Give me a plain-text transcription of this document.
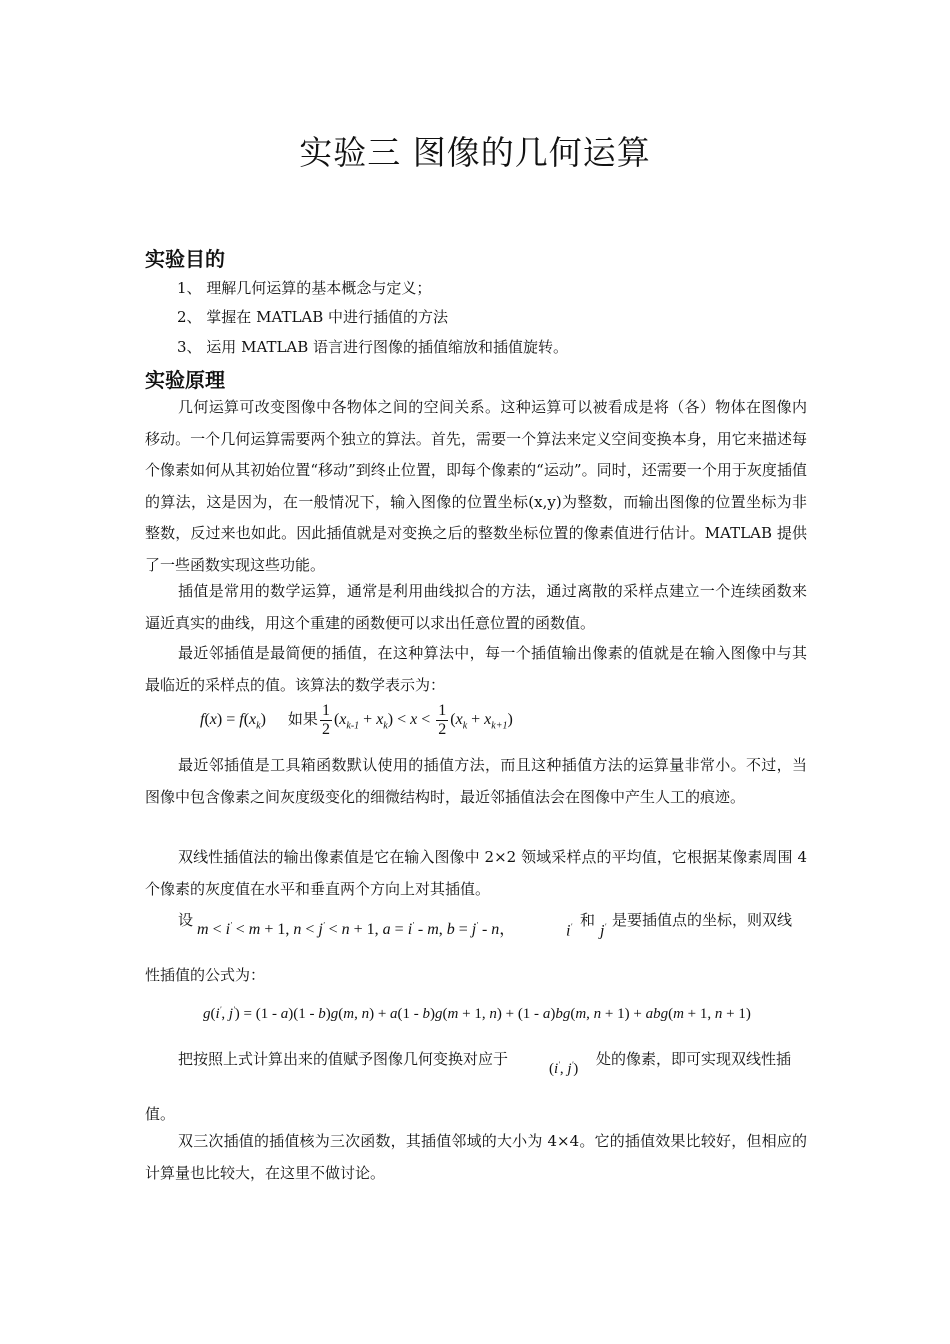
实验三 图像的几何运算
实验目的
1、 理解几何运算的基本概念与定义；
2、 掌握在 MATLAB 中进行插值的方法
3、 运用 MATLAB 语言进行图像的插值缩放和插值旋转。
实验原理
几何运算可改变图像中各物体之间的空间关系。这种运算可以被看成是将（各）物体在图像内移动。一个几何运算需要两个独立的算法。首先，需要一个算法来定义空间变换本身，用它来描述每个像素如何从其初始位置“移动”到终止位置，即每个像素的“运动”。同时，还需要一个用于灰度插值的算法，这是因为，在一般情况下，输入图像的位置坐标(x,y)为整数，而输出图像的位置坐标为非整数，反过来也如此。因此插值就是对变换之后的整数坐标位置的像素值进行估计。MATLAB 提供了一些函数实现这些功能。
插值是常用的数学运算，通常是利用曲线拟合的方法，通过离散的采样点建立一个连续函数来逼近真实的曲线，用这个重建的函数便可以求出任意位置的函数值。
最近邻插值是最简便的插值，在这种算法中，每一个插值输出像素的值就是在输入图像中与其最临近的采样点的值。该算法的数学表示为：
$f(x) = f(x_k)$ 如果 $\frac{1}{2} (x_{k-1} + x_k) < x < \frac{1}{2} (x_k + x_{k+1})$
最近邻插值是工具箱函数默认使用的插值方法，而且这种插值方法的运算量非常小。不过，当图像中包含像素之间灰度级变化的细微结构时，最近邻插值法会在图像中产生人工的痕迹。
双线性插值法的输出像素值是它在输入图像中 2×2 领域采样点的平均值，它根据某像素周围 4 个像素的灰度值在水平和垂直两个方向上对其插值。
设
m < i' < m + 1, n < j' < n + 1, a = i' - m, b = j' - n，	i' 和
j' 是要插值点的坐标，则双线
性插值的公式为：
g(i', j') = (1 - a)(1 - b)g(m, n) + a(1 - b)g(m + 1, n) + (1 - a)bg(m, n + 1) + abg(m + 1, n + 1)
把按照上式计算出来的值赋予图像几何变换对应于
(i', j')
处的像素，即可实现双线性插
值。
双三次插值的插值核为三次函数，其插值邻域的大小为 4×4。它的插值效果比较好，但相应的计算量也比较大，在这里不做讨论。
